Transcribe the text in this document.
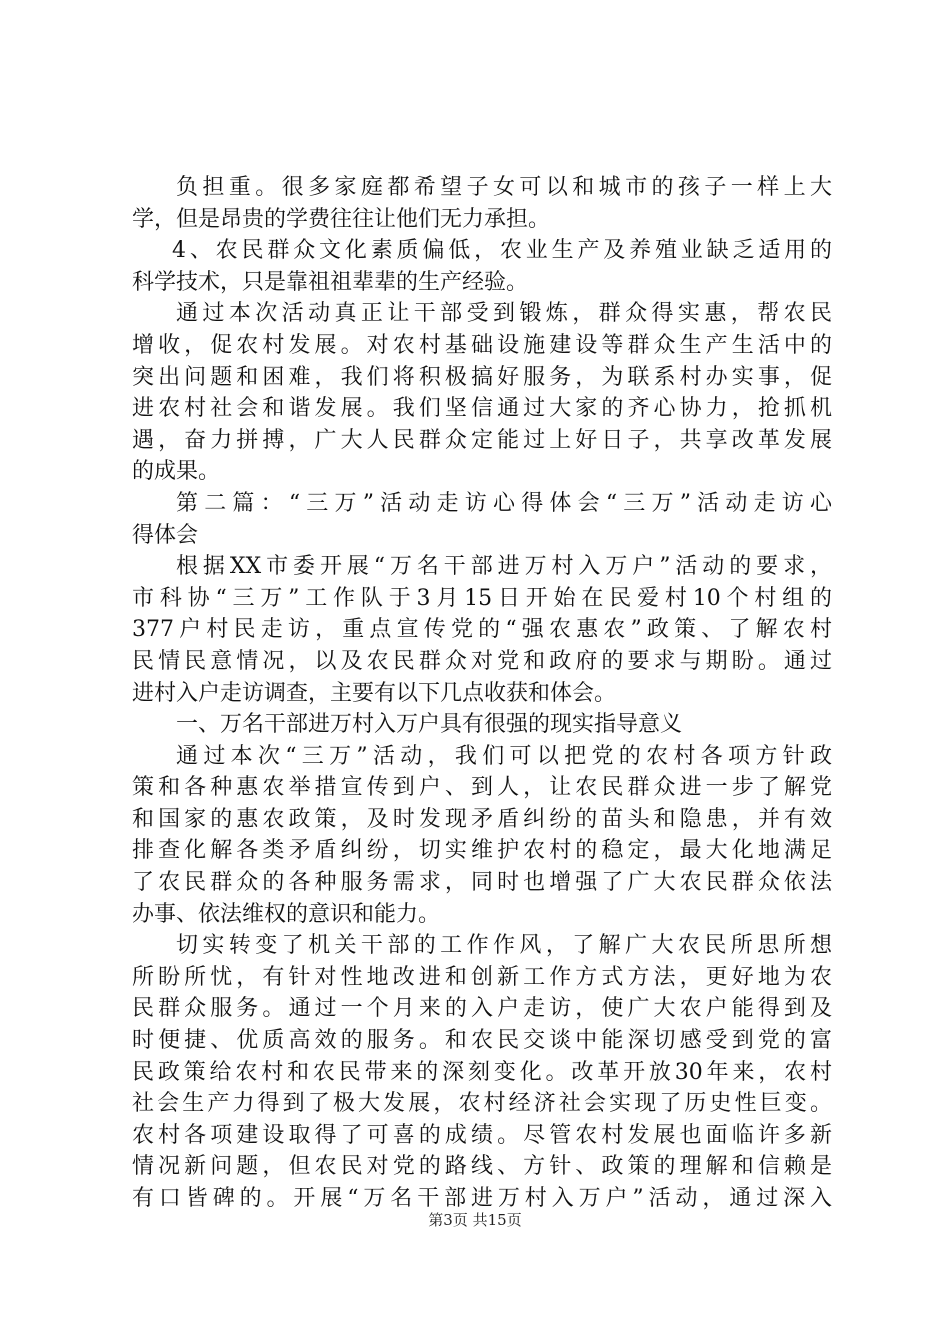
负担重。很多家庭都希望子女可以和城市的孩子一样上大
学，但是昂贵的学费往往让他们无力承担。
4、农民群众文化素质偏低，农业生产及养殖业缺乏适用的
科学技术，只是靠祖祖辈辈的生产经验。
通过本次活动真正让干部受到锻炼，群众得实惠，帮农民
增收，促农村发展。对农村基础设施建设等群众生产生活中的
突出问题和困难，我们将积极搞好服务，为联系村办实事，促
进农村社会和谐发展。我们坚信通过大家的齐心协力，抢抓机
遇，奋力拼搏，广大人民群众定能过上好日子，共享改革发展
的成果。
第二篇：“三万”活动走访心得体会“三万”活动走访心
得体会
根据XX市委开展“万名干部进万村入万户”活动的要求，
市科协“三万”工作队于3月15日开始在民爱村10个村组的
377户村民走访，重点宣传党的“强农惠农”政策、了解农村
民情民意情况，以及农民群众对党和政府的要求与期盼。通过
进村入户走访调查，主要有以下几点收获和体会。
一、万名干部进万村入万户具有很强的现实指导意义
通过本次“三万”活动，我们可以把党的农村各项方针政
策和各种惠农举措宣传到户、到人，让农民群众进一步了解党
和国家的惠农政策，及时发现矛盾纠纷的苗头和隐患，并有效
排查化解各类矛盾纠纷，切实维护农村的稳定，最大化地满足
了农民群众的各种服务需求，同时也增强了广大农民群众依法
办事、依法维权的意识和能力。
切实转变了机关干部的工作作风，了解广大农民所思所想
所盼所忧，有针对性地改进和创新工作方式方法，更好地为农
民群众服务。通过一个月来的入户走访，使广大农户能得到及
时便捷、优质高效的服务。和农民交谈中能深切感受到党的富
民政策给农村和农民带来的深刻变化。改革开放30年来，农村
社会生产力得到了极大发展，农村经济社会实现了历史性巨变。
农村各项建设取得了可喜的成绩。尽管农村发展也面临许多新
情况新问题，但农民对党的路线、方针、政策的理解和信赖是
有口皆碑的。开展“万名干部进万村入万户”活动，通过深入
第3页 共15页
